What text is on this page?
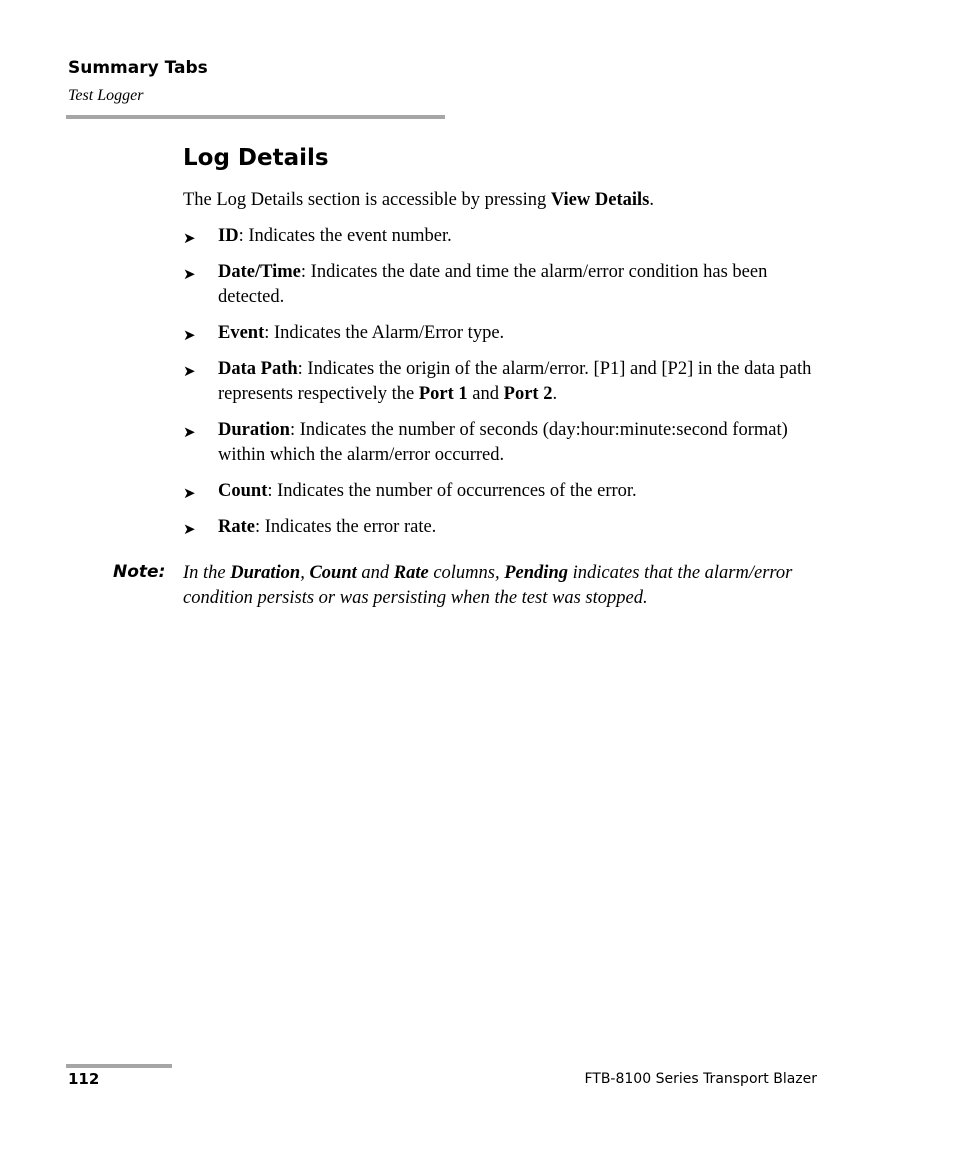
Summary Tabs
Test Logger
Log Details
The Log Details section is accessible by pressing View Details.
➤ ID: Indicates the event number.
➤ Date/Time: Indicates the date and time the alarm/error condition has been detected.
➤ Event: Indicates the Alarm/Error type.
➤ Data Path: Indicates the origin of the alarm/error. [P1] and [P2] in the data path represents respectively the Port 1 and Port 2.
➤ Duration: Indicates the number of seconds (day:hour:minute:second format) within which the alarm/error occurred.
➤ Count: Indicates the number of occurrences of the error.
➤ Rate: Indicates the error rate.
Note: In the Duration, Count and Rate columns, Pending indicates that the alarm/error condition persists or was persisting when the test was stopped.
112	FTB-8100 Series Transport Blazer
